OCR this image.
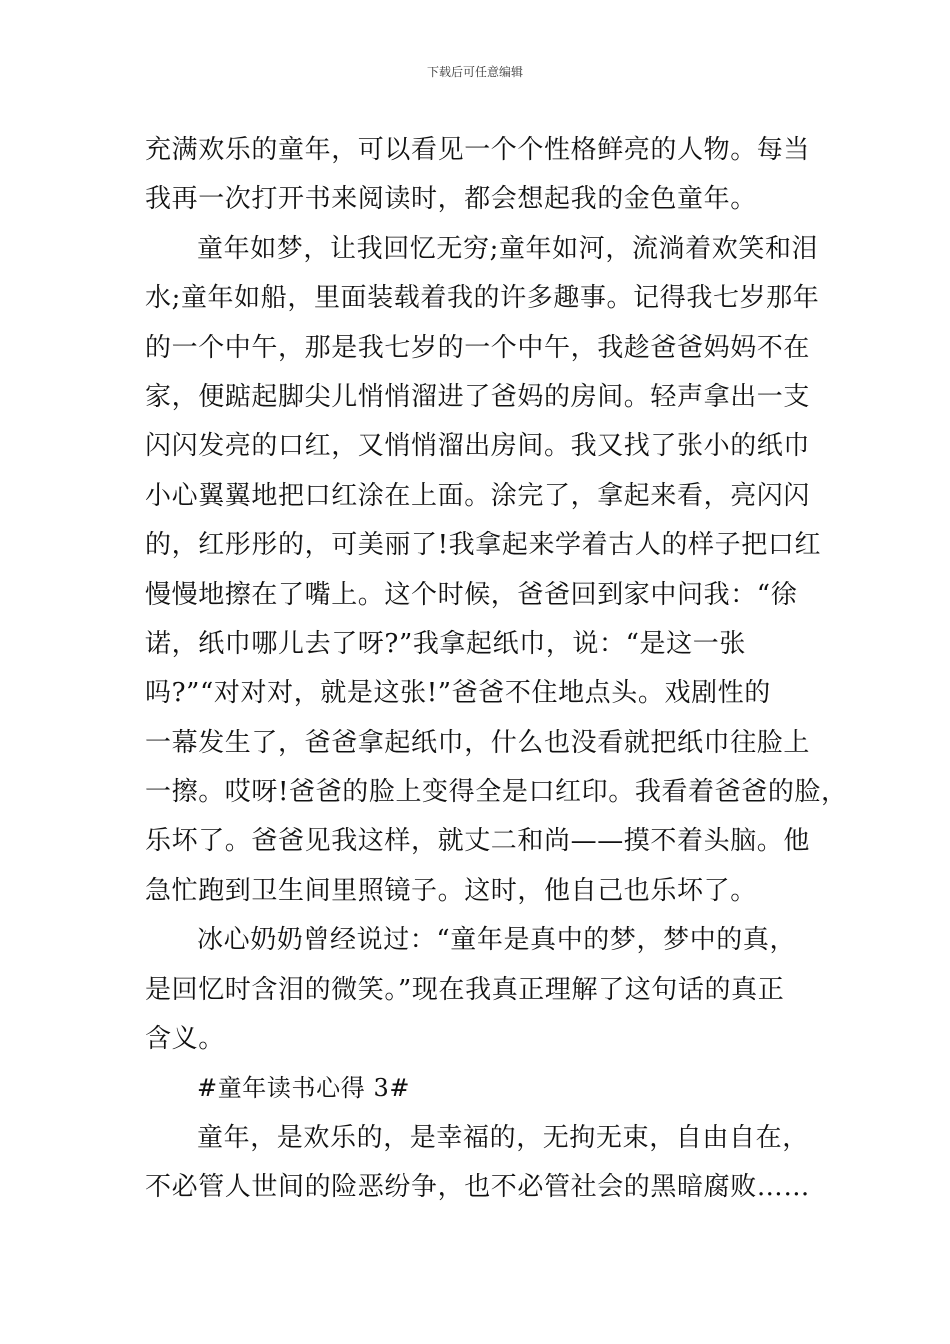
下载后可任意编辑
充满欢乐的童年，可以看见一个个性格鲜亮的人物。每当
我再一次打开书来阅读时，都会想起我的金色童年。
童年如梦，让我回忆无穷;童年如河，流淌着欢笑和泪
水;童年如船，里面装载着我的许多趣事。记得我七岁那年
的一个中午，那是我七岁的一个中午，我趁爸爸妈妈不在
家，便踮起脚尖儿悄悄溜进了爸妈的房间。轻声拿出一支
闪闪发亮的口红，又悄悄溜出房间。我又找了张小的纸巾
小心翼翼地把口红涂在上面。涂完了，拿起来看，亮闪闪
的，红彤彤的，可美丽了!我拿起来学着古人的样子把口红
慢慢地擦在了嘴上。这个时候，爸爸回到家中问我：“徐
诺，纸巾哪儿去了呀?”我拿起纸巾，说：“是这一张
吗?”“对对对，就是这张!”爸爸不住地点头。戏剧性的
一幕发生了，爸爸拿起纸巾，什么也没看就把纸巾往脸上
一擦。哎呀!爸爸的脸上变得全是口红印。我看着爸爸的脸，
乐坏了。爸爸见我这样，就丈二和尚——摸不着头脑。他
急忙跑到卫生间里照镜子。这时，他自己也乐坏了。
冰心奶奶曾经说过：“童年是真中的梦，梦中的真，
是回忆时含泪的微笑。”现在我真正理解了这句话的真正
含义。
#童年读书心得 3#
童年，是欢乐的，是幸福的，无拘无束，自由自在，
不必管人世间的险恶纷争，也不必管社会的黑暗腐败……
